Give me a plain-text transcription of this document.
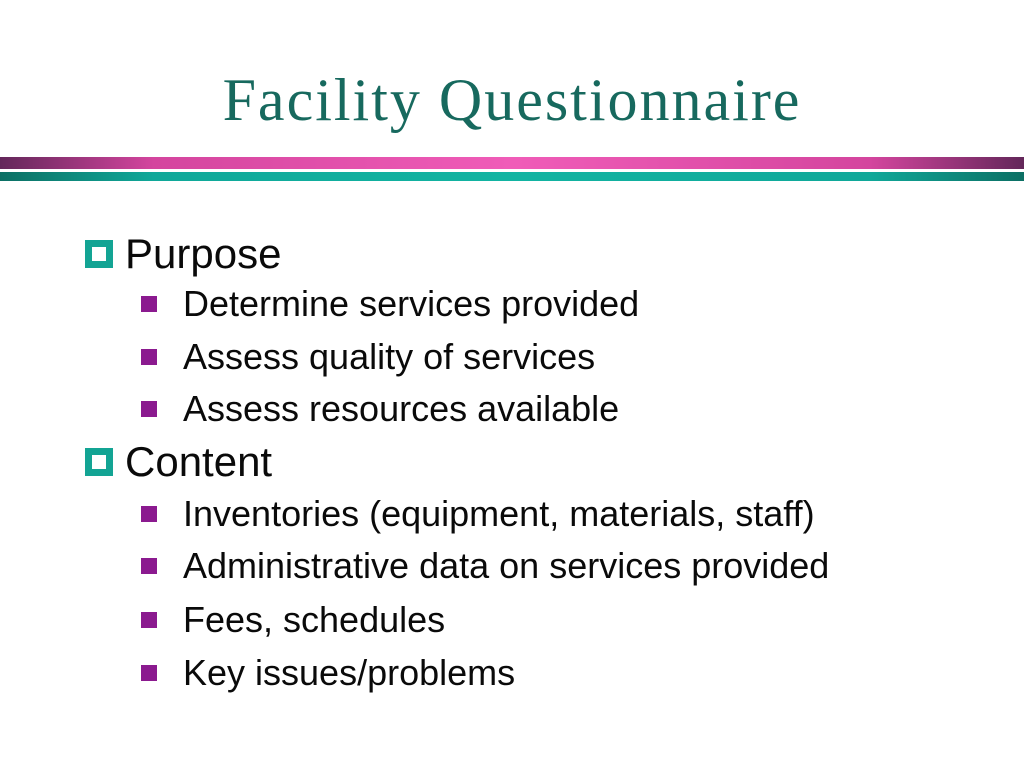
Facility Questionnaire
Purpose
Determine services provided
Assess quality of services
Assess resources available
Content
Inventories (equipment, materials, staff)
Administrative data on services provided
Fees, schedules
Key issues/problems
